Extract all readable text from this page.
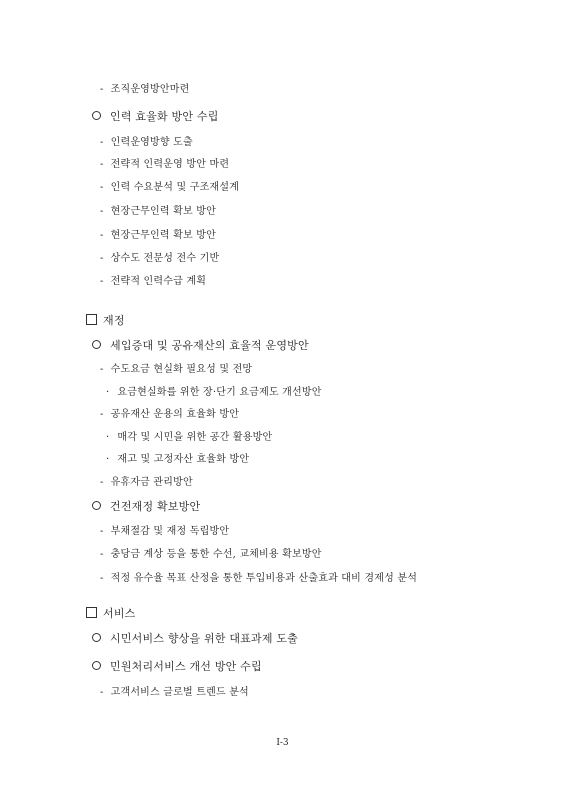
- 조직운영방안마련
인력 효율화 방안 수립
- 인력운영방향 도출
- 전략적 인력운영 방안 마련
- 인력 수요분석 및 구조재설계
- 현장근무인력 확보 방안
- 현장근무인력 확보 방안
- 상수도 전문성 전수 기반
- 전략적 인력수급 계획
재정
세입증대 및 공유재산의 효율적 운영방안
- 수도요금 현실화 필요성 및 전망
· 요금현실화를 위한 장·단기 요금제도 개선방안
- 공유재산 운용의 효율화 방안
· 매각 및 시민을 위한 공간 활용방안
· 재고 및 고정자산 효율화 방안
- 유휴자금 관리방안
건전재정 확보방안
- 부채절감 및 재정 독립방안
- 충당금 계상 등을 통한 수선, 교체비용 확보방안
- 적정 유수율 목표 산정을 통한 투입비용과 산출효과 대비 경제성 분석
서비스
시민서비스 향상을 위한 대표과제 도출
민원처리서비스 개선 방안 수립
- 고객서비스 글로벌 트렌드 분석
Ⅰ-3
